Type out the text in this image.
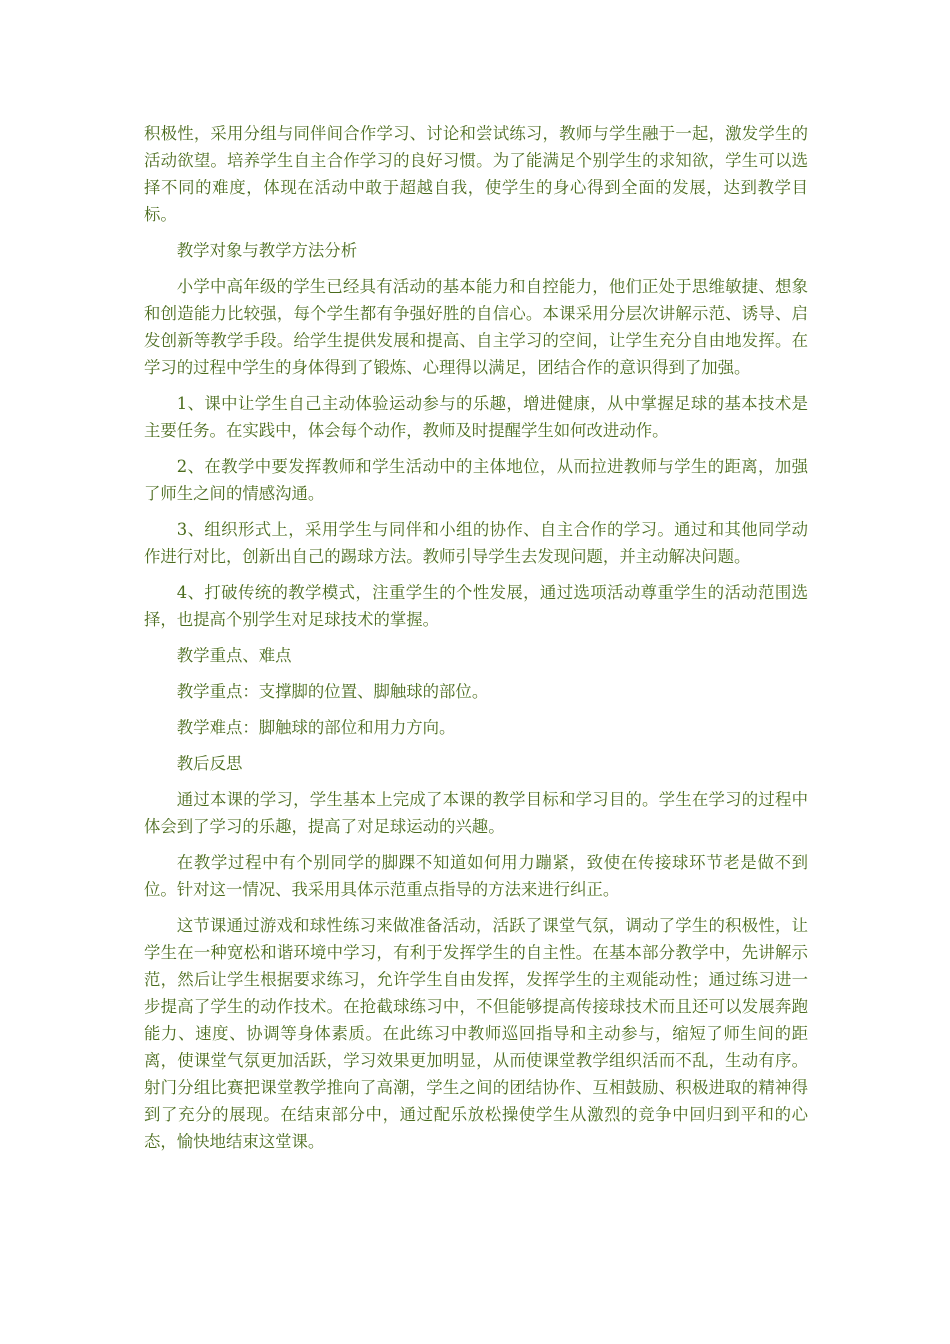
积极性，采用分组与同伴间合作学习、讨论和尝试练习，教师与学生融于一起，激发学生的活动欲望。培养学生自主合作学习的良好习惯。为了能满足个别学生的求知欲，学生可以选择不同的难度，体现在活动中敢于超越自我，使学生的身心得到全面的发展，达到教学目标。

教学对象与教学方法分析

小学中高年级的学生已经具有活动的基本能力和自控能力，他们正处于思维敏捷、想象和创造能力比较强，每个学生都有争强好胜的自信心。本课采用分层次讲解示范、诱导、启发创新等教学手段。给学生提供发展和提高、自主学习的空间，让学生充分自由地发挥。在学习的过程中学生的身体得到了锻炼、心理得以满足，团结合作的意识得到了加强。

1、课中让学生自己主动体验运动参与的乐趣，增进健康，从中掌握足球的基本技术是主要任务。在实践中，体会每个动作，教师及时提醒学生如何改进动作。

2、在教学中要发挥教师和学生活动中的主体地位，从而拉进教师与学生的距离，加强了师生之间的情感沟通。

3、组织形式上，采用学生与同伴和小组的协作、自主合作的学习。通过和其他同学动作进行对比，创新出自己的踢球方法。教师引导学生去发现问题，并主动解决问题。

4、打破传统的教学模式，注重学生的个性发展，通过选项活动尊重学生的活动范围选择，也提高个别学生对足球技术的掌握。

教学重点、难点

教学重点：支撑脚的位置、脚触球的部位。

教学难点：脚触球的部位和用力方向。

教后反思

通过本课的学习，学生基本上完成了本课的教学目标和学习目的。学生在学习的过程中体会到了学习的乐趣，提高了对足球运动的兴趣。

在教学过程中有个别同学的脚踝不知道如何用力蹦紧，致使在传接球环节老是做不到位。针对这一情况、我采用具体示范重点指导的方法来进行纠正。

这节课通过游戏和球性练习来做准备活动，活跃了课堂气氛，调动了学生的积极性，让学生在一种宽松和谐环境中学习，有利于发挥学生的自主性。在基本部分教学中，先讲解示范，然后让学生根据要求练习，允许学生自由发挥，发挥学生的主观能动性；通过练习进一步提高了学生的动作技术。在抢截球练习中，不但能够提高传接球技术而且还可以发展奔跑能力、速度、协调等身体素质。在此练习中教师巡回指导和主动参与，缩短了师生间的距离，使课堂气氛更加活跃，学习效果更加明显，从而使课堂教学组织活而不乱，生动有序。射门分组比赛把课堂教学推向了高潮，学生之间的团结协作、互相鼓励、积极进取的精神得到了充分的展现。在结束部分中，通过配乐放松操使学生从激烈的竞争中回归到平和的心态，愉快地结束这堂课。
